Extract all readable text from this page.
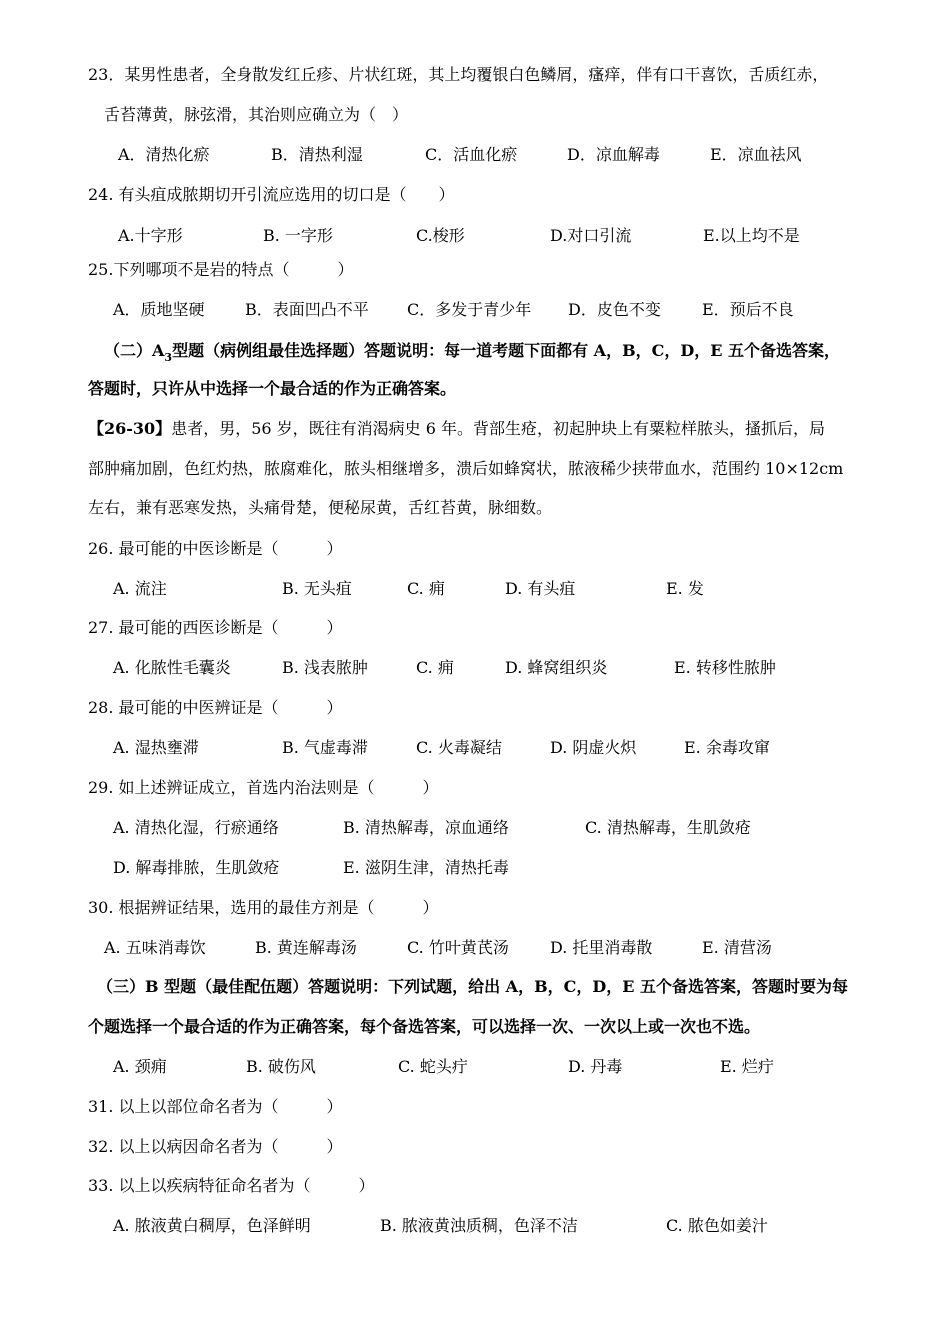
23．某男性患者，全身散发红丘疹、片状红斑，其上均覆银白色鳞屑，瘙痒，伴有口干喜饮，舌质红赤，
舌苔薄黄，脉弦滑，其治则应确立为（　）
A．清热化瘀	B．清热利湿	C．活血化瘀	D．凉血解毒	E．凉血祛风
24. 有头疽成脓期切开引流应选用的切口是（　　）
A.十字形	B. 一字形	C.梭形	D.对口引流	E.以上均不是
25.下列哪项不是岩的特点（　　　）
A．质地坚硬	B．表面凹凸不平 C．多发于青少年 D．皮色不变	E．预后不良
（二）$A_3$型题（病例组最佳选择题）答题说明：每一道考题下面都有 A，B，C，D，E 五个备选答案，
答题时，只许从中选择一个最合适的作为正确答案。
【26-30】患者，男，56 岁，既往有消渴病史 6 年。背部生疮，初起肿块上有粟粒样脓头，搔抓后，局
部肿痛加剧，色红灼热，脓腐难化，脓头相继增多，溃后如蜂窝状，脓液稀少挟带血水，范围约 10×12cm
左右，兼有恶寒发热，头痛骨楚，便秘尿黄，舌红苔黄，脉细数。
26. 最可能的中医诊断是（　　　）
A. 流注	B. 无头疽	C. 痈	D. 有头疽	E. 发
27. 最可能的西医诊断是（　　　）
A. 化脓性毛囊炎	B. 浅表脓肿	C. 痈	D. 蜂窝组织炎	E. 转移性脓肿
28. 最可能的中医辨证是（　　　）
A. 湿热壅滞	B. 气虚毒滞	C. 火毒凝结	D. 阴虚火炽	E. 余毒攻窜
29. 如上述辨证成立，首选内治法则是（　　　）
A. 清热化湿，行瘀通络	B. 清热解毒，凉血通络	C. 清热解毒，生肌敛疮
D. 解毒排脓，生肌敛疮	E. 滋阴生津，清热托毒
30. 根据辨证结果，选用的最佳方剂是（　　　）
A. 五味消毒饮	B. 黄连解毒汤	C. 竹叶黄芪汤	D. 托里消毒散	E. 清营汤
（三）B 型题（最佳配伍题）答题说明：下列试题，给出 A，B，C，D，E 五个备选答案，答题时要为每
个题选择一个最合适的作为正确答案，每个备选答案，可以选择一次、一次以上或一次也不选。
A. 颈痈	B. 破伤风	C. 蛇头疔	D. 丹毒	E. 烂疔
31. 以上以部位命名者为（　　　）
32. 以上以病因命名者为（　　　）
33. 以上以疾病特征命名者为（　　　）
A. 脓液黄白稠厚，色泽鲜明	B. 脓液黄浊质稠，色泽不洁	C. 脓色如姜汁
